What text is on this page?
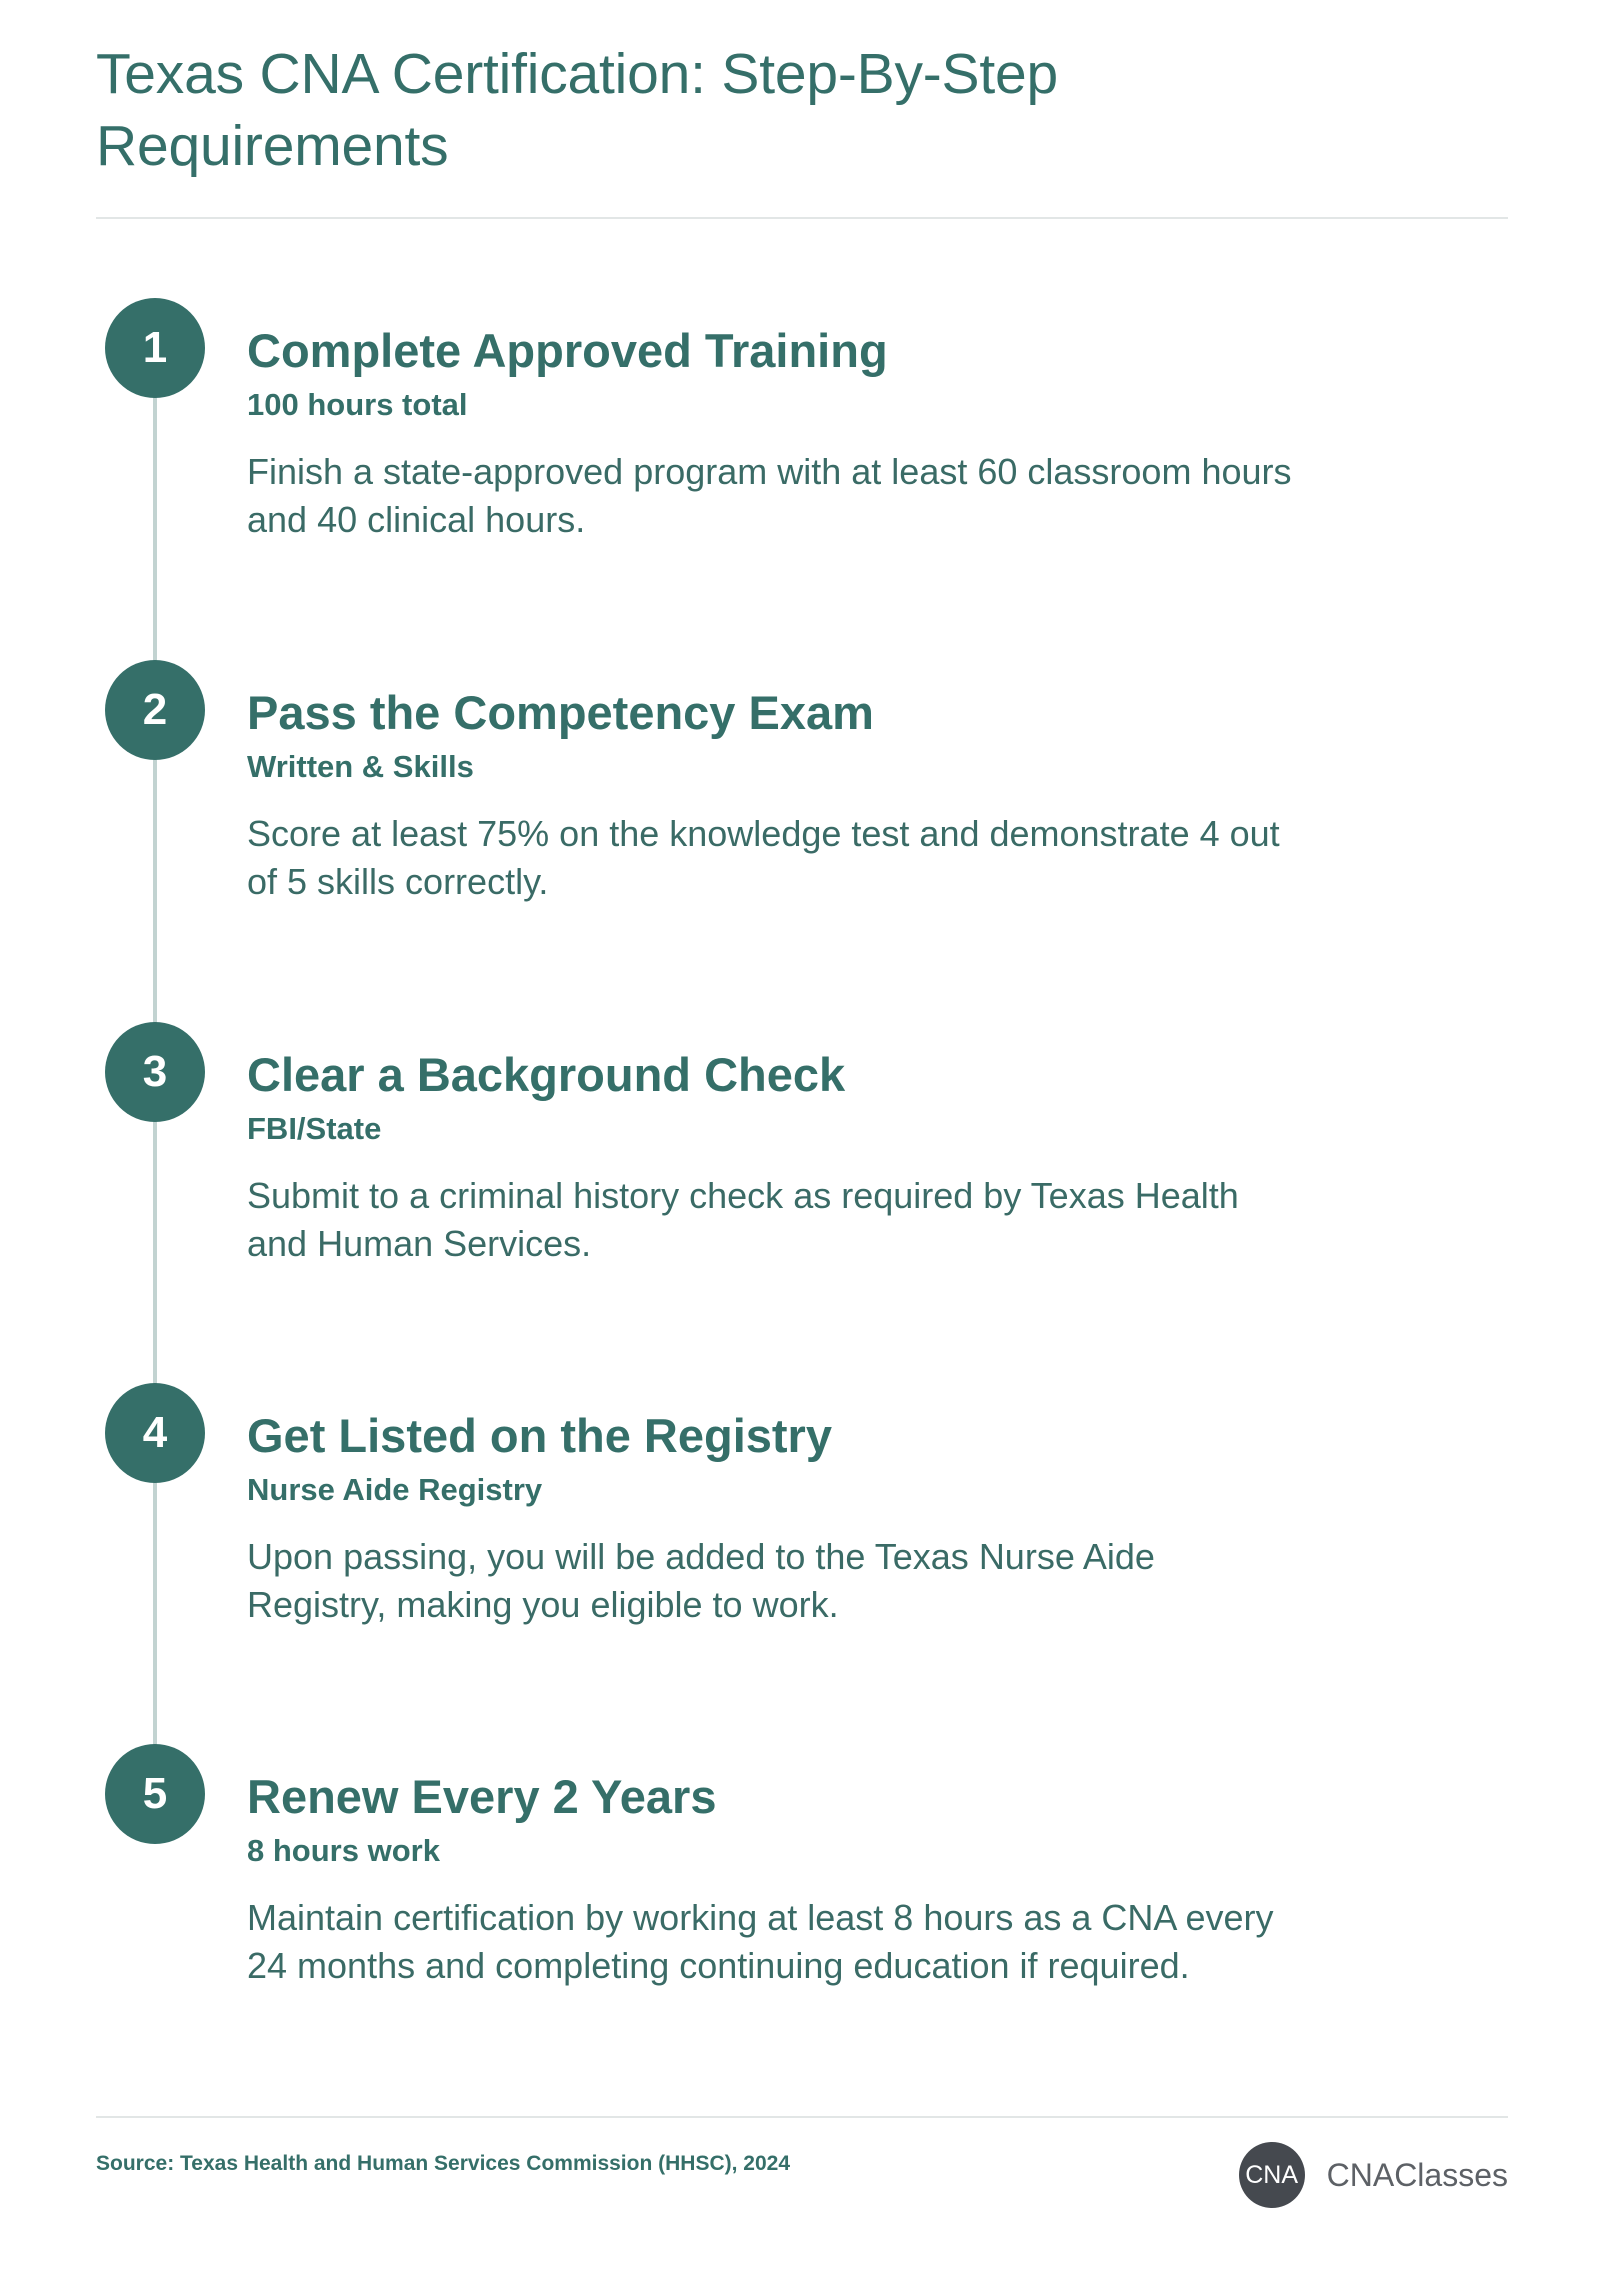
Texas CNA Certification: Step-By-Step Requirements
1	Complete Approved Training
100 hours total

Finish a state-approved program with at least 60 classroom hours and 40 clinical hours.

2	Pass the Competency Exam
Written & Skills

Score at least 75% on the knowledge test and demonstrate 4 out of 5 skills correctly.

3	Clear a Background Check
FBI/State

Submit to a criminal history check as required by Texas Health and Human Services.

4	Get Listed on the Registry
Nurse Aide Registry

Upon passing, you will be added to the Texas Nurse Aide Registry, making you eligible to work.

5	Renew Every 2 Years
8 hours work

Maintain certification by working at least 8 hours as a CNA every 24 months and completing continuing education if required.

Source: Texas Health and Human Services Commission (HHSC), 2024	CNA CNAClasses
